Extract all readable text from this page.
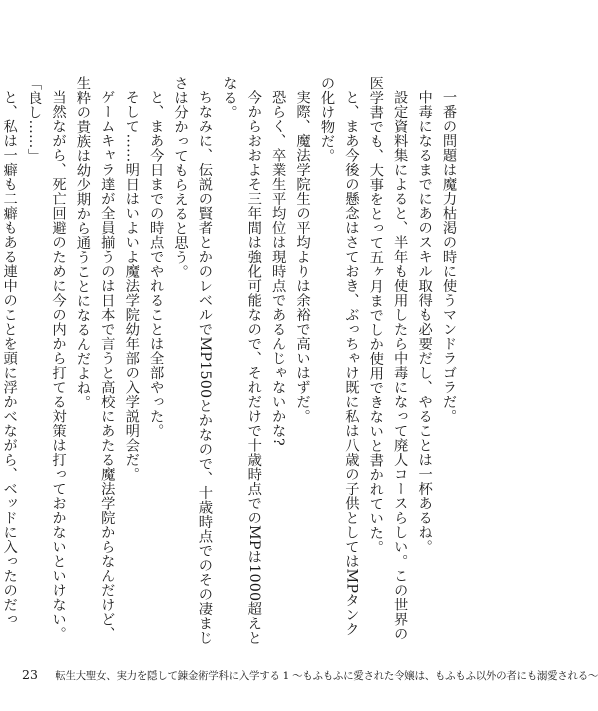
一番の問題は魔力枯渇の時に使うマンドラゴラだ。

中毒になるまでにあのスキル取得も必要だし、やることは一杯あるね。

設定資料集によると、半年も使用したら中毒になって廃人コースらしい。この世界の医学書でも、大事をとって五ヶ月までしか使用できないと書かれていた。

と、まあ今後の懸念はさておき、ぶっちゃけ既に私は八歳の子供としてはMPタンクの化け物だ。

実際、魔法学院生の平均よりは余裕で高いはずだ。

恐らく、卒業生平均位は現時点であるんじゃないかな?

今からおおよそ三年間は強化可能なので、それだけで十歳時点でのMPは1000超えとなる。

ちなみに、伝説の賢者とかのレベルでMP1500とかなので、十歳時点でのその凄まじさは分かってもらえると思う。

と、まあ今日までの時点でやれることは全部やった。

そして……明日はいよいよ魔法学院幼年部の入学説明会だ。

ゲームキャラ達が全員揃うのは日本で言うと高校にあたる魔法学院からなんだけど、生粋の貴族は幼少期から通うことになるんだよね。

当然ながら、死亡回避のために今の内から打てる対策は打っておかないといけない。

「良し……」

と、私は一癖も二癖もある連中のことを頭に浮かべながら、ベッドに入ったのだっ

23 転生大聖女、実力を隠して錬金術学科に入学する 1 〜もふもふに愛された令嬢は、もふもふ以外の者にも溺愛される〜
